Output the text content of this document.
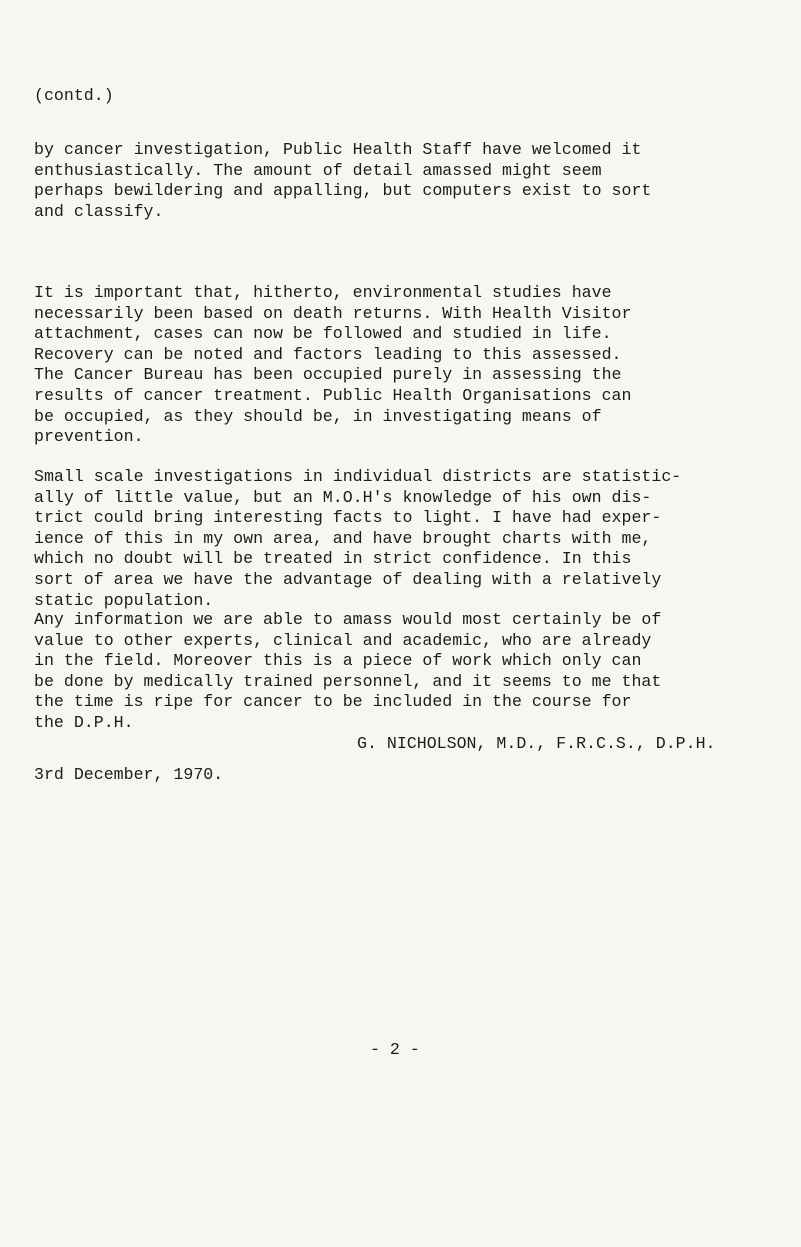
(contd.)

by cancer investigation, Public Health Staff have welcomed it
enthusiastically. The amount of detail amassed might seem
perhaps bewildering and appalling, but computers exist to sort
and classify.

It is important that, hitherto, environmental studies have
necessarily been based on death returns. With Health Visitor
attachment, cases can now be followed and studied in life.
Recovery can be noted and factors leading to this assessed.
The Cancer Bureau has been occupied purely in assessing the
results of cancer treatment. Public Health Organisations can
be occupied, as they should be, in investigating means of
prevention.

Small scale investigations in individual districts are statistic-
ally of little value, but an M.O.H's knowledge of his own dis-
trict could bring interesting facts to light. I have had exper-
ience of this in my own area, and have brought charts with me,
which no doubt will be treated in strict confidence. In this
sort of area we have the advantage of dealing with a relatively
static population.

Any information we are able to amass would most certainly be of
value to other experts, clinical and academic, who are already
in the field. Moreover this is a piece of work which only can
be done by medically trained personnel, and it seems to me that
the time is ripe for cancer to be included in the course for
the D.P.H.

G. NICHOLSON, M.D., F.R.C.S., D.P.H.
3rd December, 1970.
- 2 -
